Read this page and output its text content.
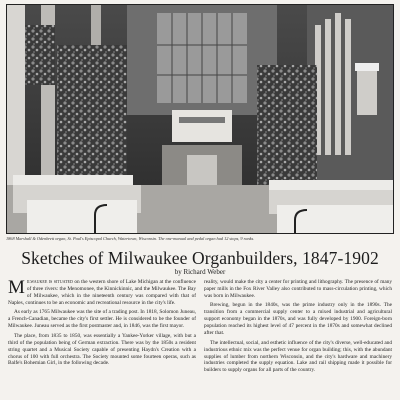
1868 Marshall & Odenbrett organ, St. Paul's Episcopal Church, Watertown, Wisconsin. The one-manual and pedal organ had 12 stops, 9 ranks.
Sketches of Milwaukee Organbuilders, 1847-1902
by Richard Weber

Milwaukee is situated on the western shore of Lake Michigan at the confluence of three rivers: the Menomonee, the Kinnickinnic, and the Milwaukee. The Bay of Milwaukee, which in the nineteenth century was compared with that of Naples, continues to be an economic and recreational resource in the city's life.

As early as 1765 Milwaukee was the site of a trading post. In 1818, Solomon Juneau, a French-Canadian, became the city's first settler. He is considered to be the founder of Milwaukee. Juneau served as the first postmaster and, in 1846, was the first mayor.

The place, from 1835 to 1850, was essentially a Yankee-Yorker village, with but a third of the population being of German extraction. There was by the 1850s a resident string quartet and a Musical Society capable of presenting Haydn's Creation with a chorus of 100 with full orchestra. The Society mounted some fourteen operas, such as Balfe's Bohemian Girl, in the following decade.

reality, would make the city a center for printing and lithography. The presence of many paper mills in the Fox River Valley also contributed to mass-circulation printing, which was born in Milwaukee.

Brewing, begun in the 1840s, was the prime industry only in the 1890s. The transition from a commercial supply center to a mixed industrial and agricultural support economy began in the 1870s, and was fully developed by 1900. Foreign-born population reached its highest level of 47 percent in the 1870s and somewhat declined after that.

The intellectual, social, and esthetic influence of the city's diverse, well-educated and industrious ethnic mix was the perfect venue for organ building; this, with the abundant supplies of lumber from northern Wisconsin, and the city's hardware and machinery industries completed the supply equation. Lake and rail shipping made it possible for builders to supply organs for all parts of the country.
